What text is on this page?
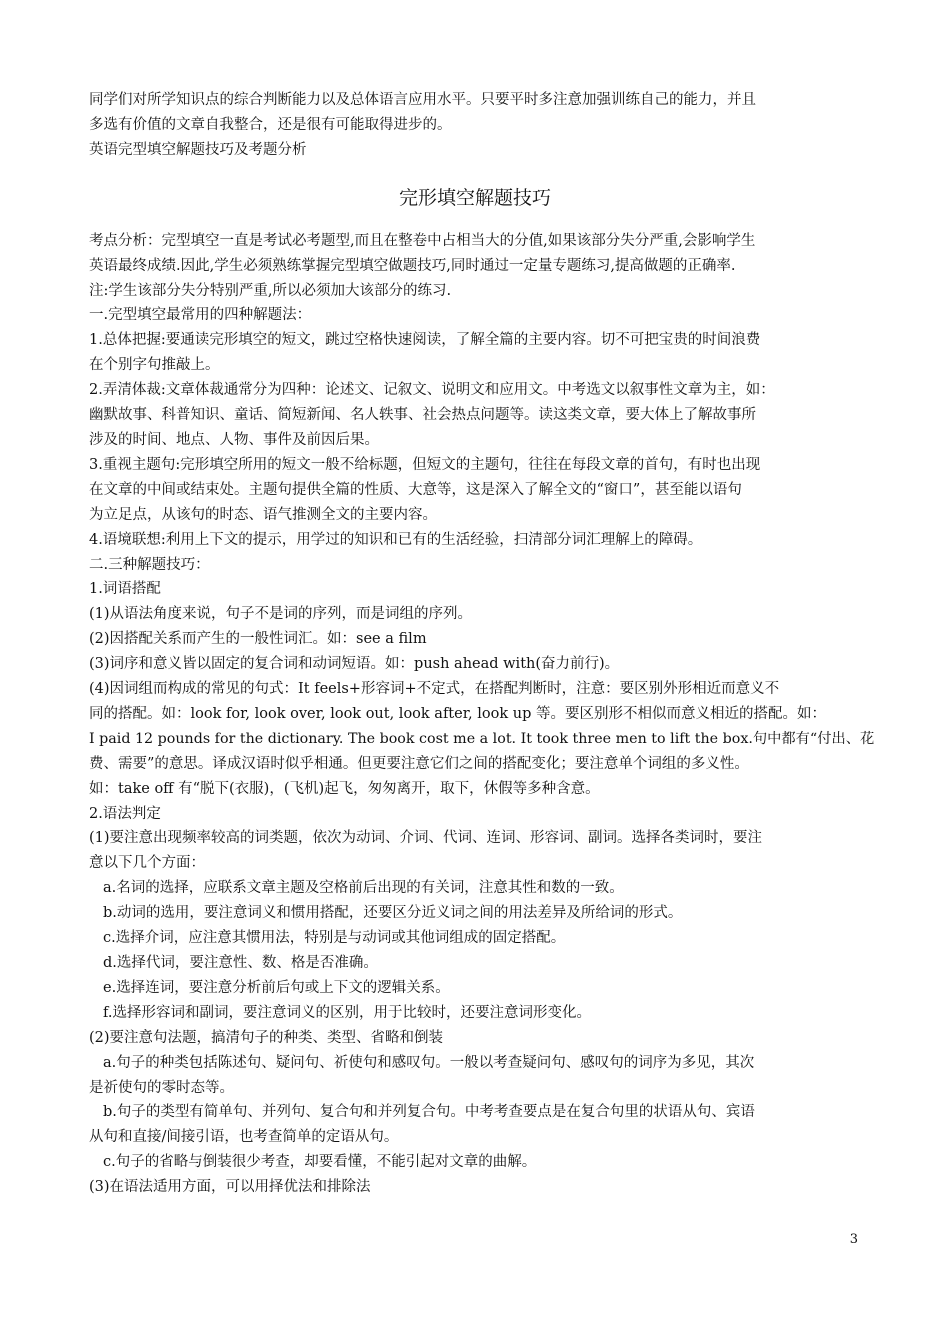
同学们对所学知识点的综合判断能力以及总体语言应用水平。只要平时多注意加强训练自己的能力，并且
多选有价值的文章自我整合，还是很有可能取得进步的。
英语完型填空解题技巧及考题分析
完形填空解题技巧
考点分析：完型填空一直是考试必考题型,而且在整卷中占相当大的分值,如果该部分失分严重,会影响学生
英语最终成绩.因此,学生必须熟练掌握完型填空做题技巧,同时通过一定量专题练习,提高做题的正确率.
注:学生该部分失分特别严重,所以必须加大该部分的练习.
一.完型填空最常用的四种解题法：
1.总体把握:要通读完形填空的短文，跳过空格快速阅读，了解全篇的主要内容。切不可把宝贵的时间浪费
在个别字句推敲上。
2.弄清体裁:文章体裁通常分为四种：论述文、记叙文、说明文和应用文。中考选文以叙事性文章为主，如：
幽默故事、科普知识、童话、简短新闻、名人轶事、社会热点问题等。读这类文章，要大体上了解故事所
涉及的时间、地点、人物、事件及前因后果。
3.重视主题句:完形填空所用的短文一般不给标题，但短文的主题句，往往在每段文章的首句，有时也出现
在文章的中间或结束处。主题句提供全篇的性质、大意等，这是深入了解全文的“窗口”，甚至能以语句
为立足点，从该句的时态、语气推测全文的主要内容。
4.语境联想:利用上下文的提示，用学过的知识和已有的生活经验，扫清部分词汇理解上的障碍。
二.三种解题技巧：
1.词语搭配
(1)从语法角度来说，句子不是词的序列，而是词组的序列。
(2)因搭配关系而产生的一般性词汇。如：see a film
(3)词序和意义皆以固定的复合词和动词短语。如：push ahead with(奋力前行)。
(4)因词组而构成的常见的句式：It feels+形容词+不定式，在搭配判断时，注意：要区别外形相近而意义不
同的搭配。如：look for, look over, look out, look after, look up 等。要区别形不相似而意义相近的搭配。如：
I paid 12 pounds for the dictionary. The book cost me a lot. It took three men to lift the box.句中都有“付出、花
费、需要”的意思。译成汉语时似乎相通。但更要注意它们之间的搭配变化；要注意单个词组的多义性。
如：take off 有“脱下(衣服)，(飞机)起飞，匆匆离开，取下，休假等多种含意。
2.语法判定
(1)要注意出现频率较高的词类题，依次为动词、介词、代词、连词、形容词、副词。选择各类词时，要注
意以下几个方面：
a.名词的选择，应联系文章主题及空格前后出现的有关词，注意其性和数的一致。
b.动词的选用，要注意词义和惯用搭配，还要区分近义词之间的用法差异及所给词的形式。
c.选择介词，应注意其惯用法，特别是与动词或其他词组成的固定搭配。
d.选择代词，要注意性、数、格是否准确。
e.选择连词，要注意分析前后句或上下文的逻辑关系。
f.选择形容词和副词，要注意词义的区别，用于比较时，还要注意词形变化。
(2)要注意句法题，搞清句子的种类、类型、省略和倒装
a.句子的种类包括陈述句、疑问句、祈使句和感叹句。一般以考查疑问句、感叹句的词序为多见，其次
是祈使句的零时态等。
b.句子的类型有简单句、并列句、复合句和并列复合句。中考考查要点是在复合句里的状语从句、宾语
从句和直接/间接引语，也考查简单的定语从句。
c.句子的省略与倒装很少考查，却要看懂，不能引起对文章的曲解。
(3)在语法适用方面，可以用择优法和排除法
3
